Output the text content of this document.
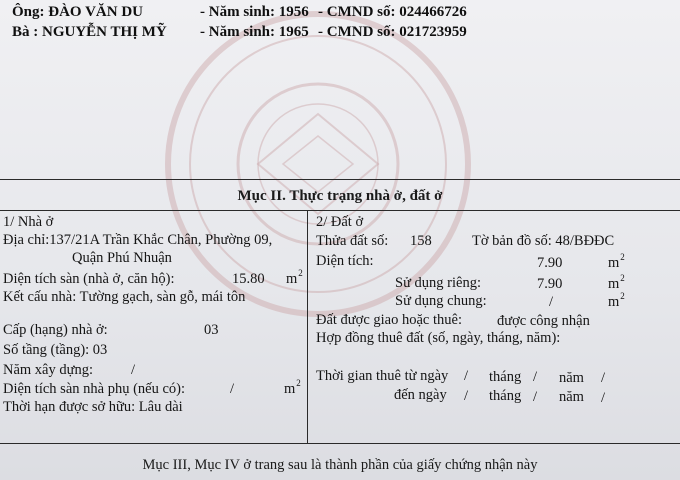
Ông: ĐÀO VĂN DU	- Năm sinh: 1956 - CMND số: 024466726
Bà : NGUYỄN THỊ MỸ - Năm sinh: 1965 - CMND số: 021723959
Mục II. Thực trạng nhà ở, đất ở
1/ Nhà ở
Địa chỉ:137/21A Trần Khắc Chân, Phường 09,
Quận Phú Nhuận
Diện tích sàn (nhà ở, căn hộ):	15.80 $m^2$
Kết cấu nhà: Tường gạch, sàn gỗ, mái tôn
Cấp (hạng) nhà ở:	03
Số tầng (tầng): 03
Năm xây dựng:	/
Diện tích sàn nhà phụ (nếu có):	/	$m^2$
Thời hạn được sở hữu: Lâu dài
2/ Đất ở
Thửa đất số: 158	Tờ bản đồ số: 48/BĐĐC
Diện tích:	7.90	$m^2$
Sử dụng riêng:	7.90	$m^2$
Sử dụng chung:	/	$m^2$
Đất được giao hoặc thuê: được công nhận
Hợp đồng thuê đất (số, ngày, tháng, năm):
Thời gian thuê từ ngày / tháng / năm /
đến ngày / tháng / năm /
Mục III, Mục IV ở trang sau là thành phần của giấy chứng nhận này
